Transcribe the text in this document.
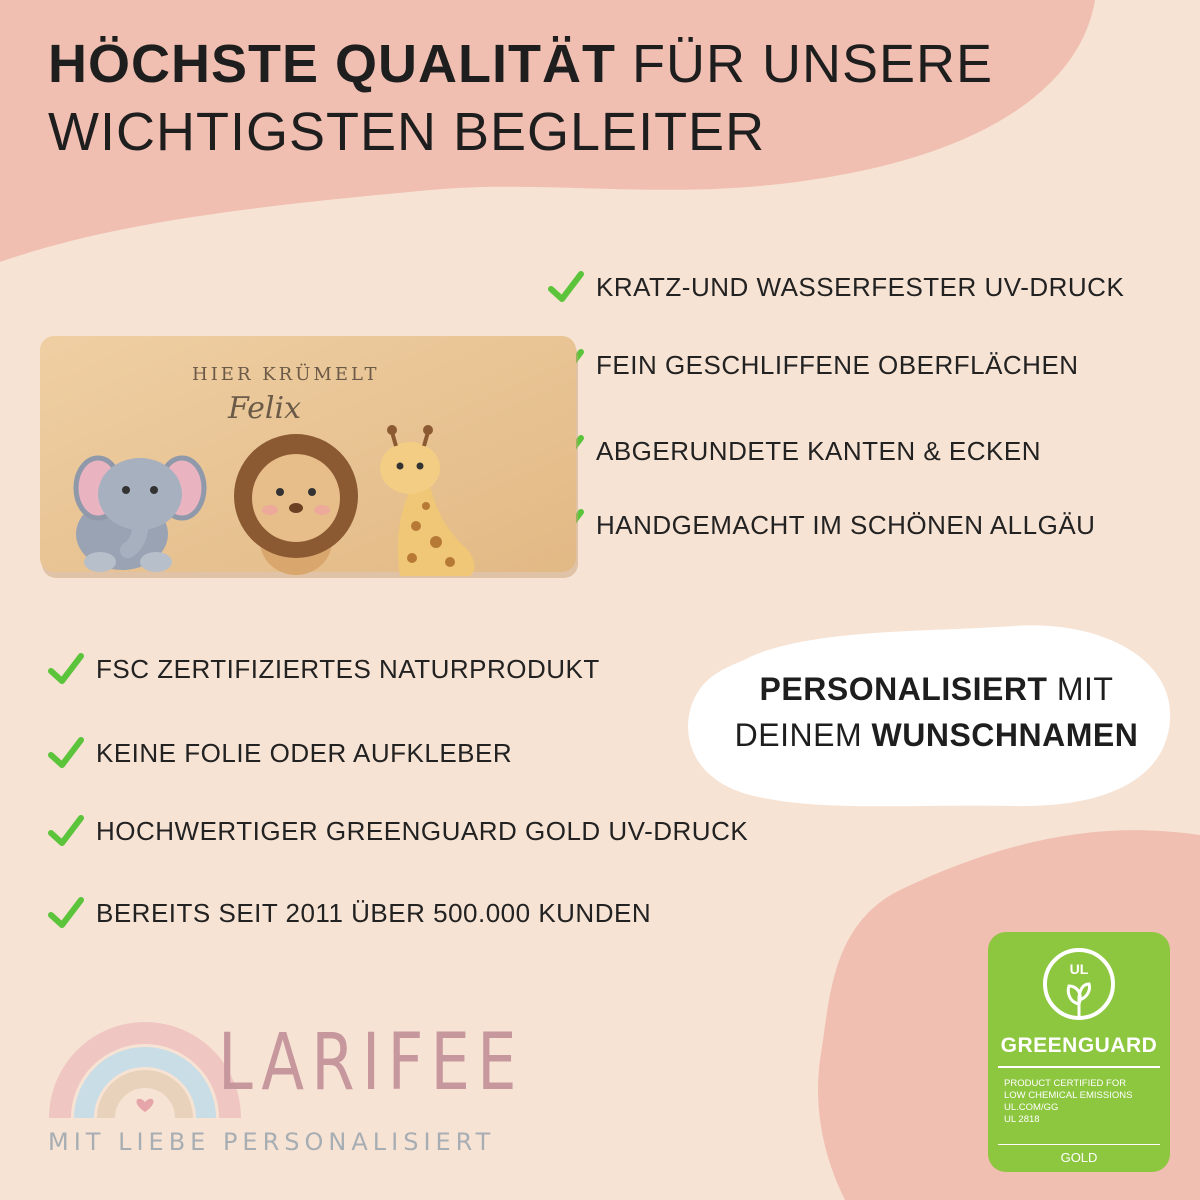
HÖCHSTE QUALITÄT FÜR UNSERE
WICHTIGSTEN BEGLEITER
KRATZ-UND WASSERFESTER UV-DRUCK
FEIN GESCHLIFFENE OBERFLÄCHEN
ABGERUNDETE KANTEN & ECKEN
HANDGEMACHT IM SCHÖNEN ALLGÄU
HIER KRÜMELT
Felix
FSC ZERTIFIZIERTES NATURPRODUKT
KEINE FOLIE ODER AUFKLEBER
HOCHWERTIGER GREENGUARD GOLD UV-DRUCK
BEREITS SEIT 2011 ÜBER 500.000 KUNDEN
PERSONALISIERT MIT
DEINEM WUNSCHNAMEN
LARIFEE
MIT LIEBE PERSONALISIERT
UL
GREENGUARD
PRODUCT CERTIFIED FOR
LOW CHEMICAL EMISSIONS
UL.COM/GG
UL 2818
GOLD
